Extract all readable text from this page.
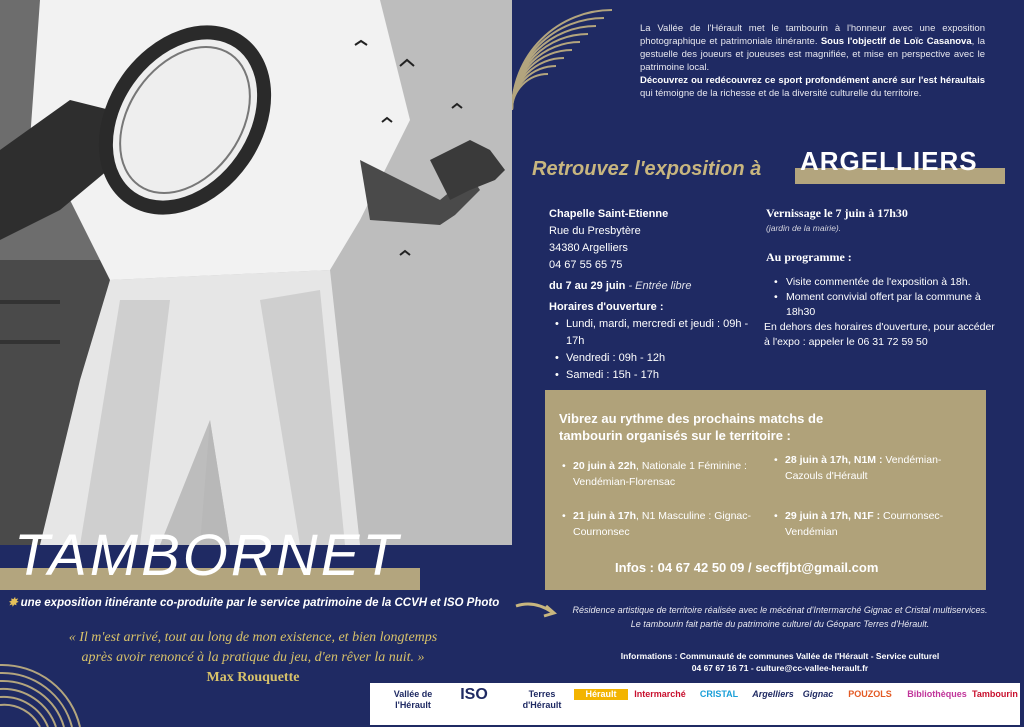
TAMBORNET
✸ une exposition itinérante co-produite par le service patrimoine de la CCVH et ISO Photo
« Il m'est arrivé, tout au long de mon existence, et bien longtemps
après avoir renoncé à la pratique du jeu, d'en rêver la nuit. »
Max Rouquette
La Vallée de l'Hérault met le tambourin à l'honneur avec une exposition photographique et patrimoniale itinérante. Sous l'objectif de Loïc Casanova, la gestuelle des joueurs et joueuses est magnifiée, et mise en perspective avec le patrimoine local.
Découvrez ou redécouvrez ce sport profondément ancré sur l'est héraultais qui témoigne de la richesse et de la diversité culturelle du territoire.
Retrouvez l'exposition à ARGELLIERS
Chapelle Saint-Etienne
Rue du Presbytère
34380 Argelliers
04 67 55 65 75
du 7 au 29 juin - Entrée libre
Horaires d'ouverture :
• Lundi, mardi, mercredi et jeudi : 09h - 17h
• Vendredi : 09h - 12h
• Samedi : 15h - 17h
Vernissage le 7 juin à 17h30
(jardin de la mairie).
Au programme :
• Visite commentée de l'exposition à 18h.
• Moment convivial offert par la commune à 18h30
En dehors des horaires d'ouverture, pour accéder à l'expo : appeler le 06 31 72 59 50
Vibrez au rythme des prochains matchs de tambourin organisés sur le territoire :
• 20 juin à 22h, Nationale 1 Féminine : Vendémian-Florensac
• 28 juin à 17h, N1M : Vendémian-Cazouls d'Hérault
• 21 juin à 17h, N1 Masculine : Gignac-Cournonsec
• 29 juin à 17h, N1F : Cournonsec-Vendémian
Infos : 04 67 42 50 09 / secffjbt@gmail.com
Résidence artistique de territoire réalisée avec le mécénat d'Intermarché Gignac et Cristal multiservices.
Le tambourin fait partie du patrimoine culturel du Géoparc Terres d'Hérault.
Informations : Communauté de communes Vallée de l'Hérault - Service culturel
04 67 67 16 71 - culture@cc-vallee-herault.fr
Vallée de l'Hérault
ISO	Terres d'Hérault
Hérault	Intermarché	CRISTAL	Argelliers Gignac	POUZOLS	Bibliothèques Tambourin
